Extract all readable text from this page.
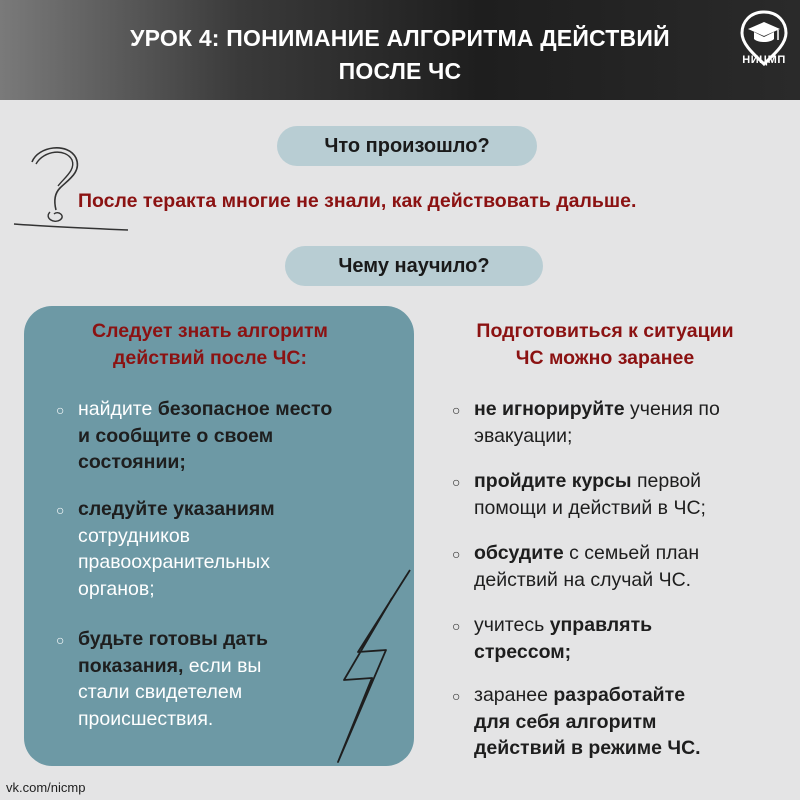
УРОК 4: ПОНИМАНИЕ АЛГОРИТМА ДЕЙСТВИЙ
ПОСЛЕ ЧС	НИЦМП
Что произошло?
После теракта многие не знали, как действовать дальше.
Чему научило?
Следует знать алгоритм
действий после ЧС:
Подготовиться к ситуации
ЧС можно заранее
○ найдите безопасное место
и сообщите о своем
состоянии;
○ следуйте указаниям
сотрудников
правоохранительных
органов;
○ будьте готовы дать
показания, если вы
стали свидетелем
происшествия.
○ не игнорируйте учения по
эвакуации;
○ пройдите курсы первой
помощи и действий в ЧС;
○ обсудите с семьей план
действий на случай ЧС.
○ учитесь управлять
стрессом;
○ заранее разработайте
для себя алгоритм
действий в режиме ЧС.
vk.com/nicmp
